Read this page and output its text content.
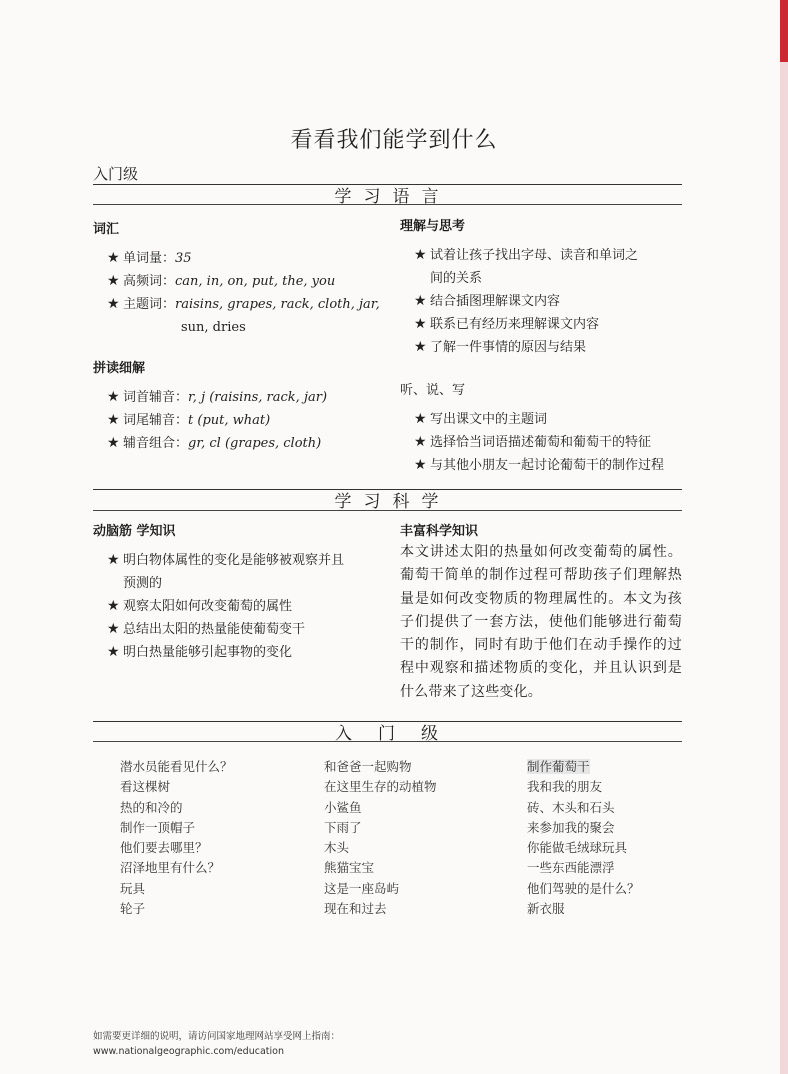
看看我们能学到什么
入门级
学习语言
词汇
★ 单词量：35
★ 高频词：can, in, on, put, the, you
★ 主题词：raisins, grapes, rack, cloth, jar,
sun, dries
拼读细解
★ 词首辅音：r, j (raisins, rack, jar)
★ 词尾辅音：t (put, what)
★ 辅音组合：gr, cl (grapes, cloth)
理解与思考
★ 试着让孩子找出字母、读音和单词之
间的关系
★ 结合插图理解课文内容
★ 联系已有经历来理解课文内容
★ 了解一件事情的原因与结果
听、说、写
★ 写出课文中的主题词
★ 选择恰当词语描述葡萄和葡萄干的特征
★ 与其他小朋友一起讨论葡萄干的制作过程
学习科学
动脑筋 学知识
★ 明白物体属性的变化是能够被观察并且
预测的
★ 观察太阳如何改变葡萄的属性
★ 总结出太阳的热量能使葡萄变干
★ 明白热量能够引起事物的变化
丰富科学知识
本文讲述太阳的热量如何改变葡萄的属性。葡萄干简单的制作过程可帮助孩子们理解热量是如何改变物质的物理属性的。本文为孩子们提供了一套方法，使他们能够进行葡萄干的制作，同时有助于他们在动手操作的过程中观察和描述物质的变化，并且认识到是什么带来了这些变化。
入门级
潜水员能看见什么？
看这棵树
热的和冷的
制作一顶帽子
他们要去哪里？
沼泽地里有什么？
玩具
轮子
和爸爸一起购物
在这里生存的动植物
小鲨鱼
下雨了
木头
熊猫宝宝
这是一座岛屿
现在和过去
制作葡萄干
我和我的朋友
砖、木头和石头
来参加我的聚会
你能做毛绒球玩具
一些东西能漂浮
他们驾驶的是什么？
新衣服
如需要更详细的说明，请访问国家地理网站享受网上指南：
www.nationalgeographic.com/education
